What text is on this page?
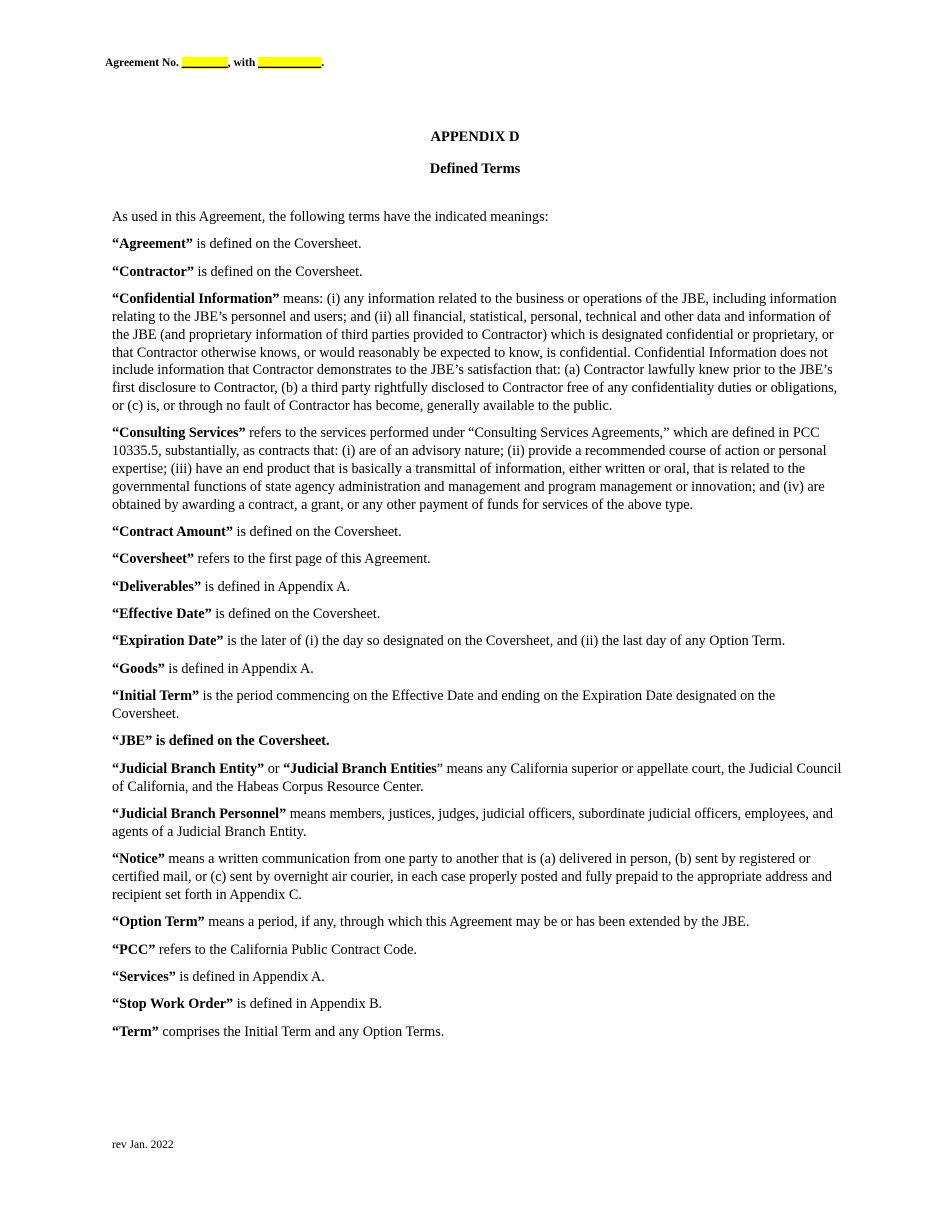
Agreement No. ________, with ___________.
APPENDIX D
Defined Terms

As used in this Agreement, the following terms have the indicated meanings:

“Agreement” is defined on the Coversheet.

“Contractor” is defined on the Coversheet.

“Confidential Information” means: (i) any information related to the business or operations of the JBE, including information relating to the JBE’s personnel and users; and (ii) all financial, statistical, personal, technical and other data and information of the JBE (and proprietary information of third parties provided to Contractor) which is designated confidential or proprietary, or that Contractor otherwise knows, or would reasonably be expected to know, is confidential. Confidential Information does not include information that Contractor demonstrates to the JBE’s satisfaction that: (a) Contractor lawfully knew prior to the JBE’s first disclosure to Contractor, (b) a third party rightfully disclosed to Contractor free of any confidentiality duties or obligations, or (c) is, or through no fault of Contractor has become, generally available to the public.

“Consulting Services” refers to the services performed under “Consulting Services Agreements,” which are defined in PCC 10335.5, substantially, as contracts that: (i) are of an advisory nature; (ii) provide a recommended course of action or personal expertise; (iii) have an end product that is basically a transmittal of information, either written or oral, that is related to the governmental functions of state agency administration and management and program management or innovation; and (iv) are obtained by awarding a contract, a grant, or any other payment of funds for services of the above type.

“Contract Amount” is defined on the Coversheet.

“Coversheet” refers to the first page of this Agreement.

“Deliverables” is defined in Appendix A.

“Effective Date” is defined on the Coversheet.

“Expiration Date” is the later of (i) the day so designated on the Coversheet, and (ii) the last day of any Option Term.

“Goods” is defined in Appendix A.

“Initial Term” is the period commencing on the Effective Date and ending on the Expiration Date designated on the Coversheet.

“JBE” is defined on the Coversheet.

“Judicial Branch Entity” or “Judicial Branch Entities” means any California superior or appellate court, the Judicial Council of California, and the Habeas Corpus Resource Center.

“Judicial Branch Personnel” means members, justices, judges, judicial officers, subordinate judicial officers, employees, and agents of a Judicial Branch Entity.

“Notice” means a written communication from one party to another that is (a) delivered in person, (b) sent by registered or certified mail, or (c) sent by overnight air courier, in each case properly posted and fully prepaid to the appropriate address and recipient set forth in Appendix C.

“Option Term” means a period, if any, through which this Agreement may be or has been extended by the JBE.

“PCC” refers to the California Public Contract Code.

“Services” is defined in Appendix A.

“Stop Work Order” is defined in Appendix B.

“Term” comprises the Initial Term and any Option Terms.

rev Jan. 2022
